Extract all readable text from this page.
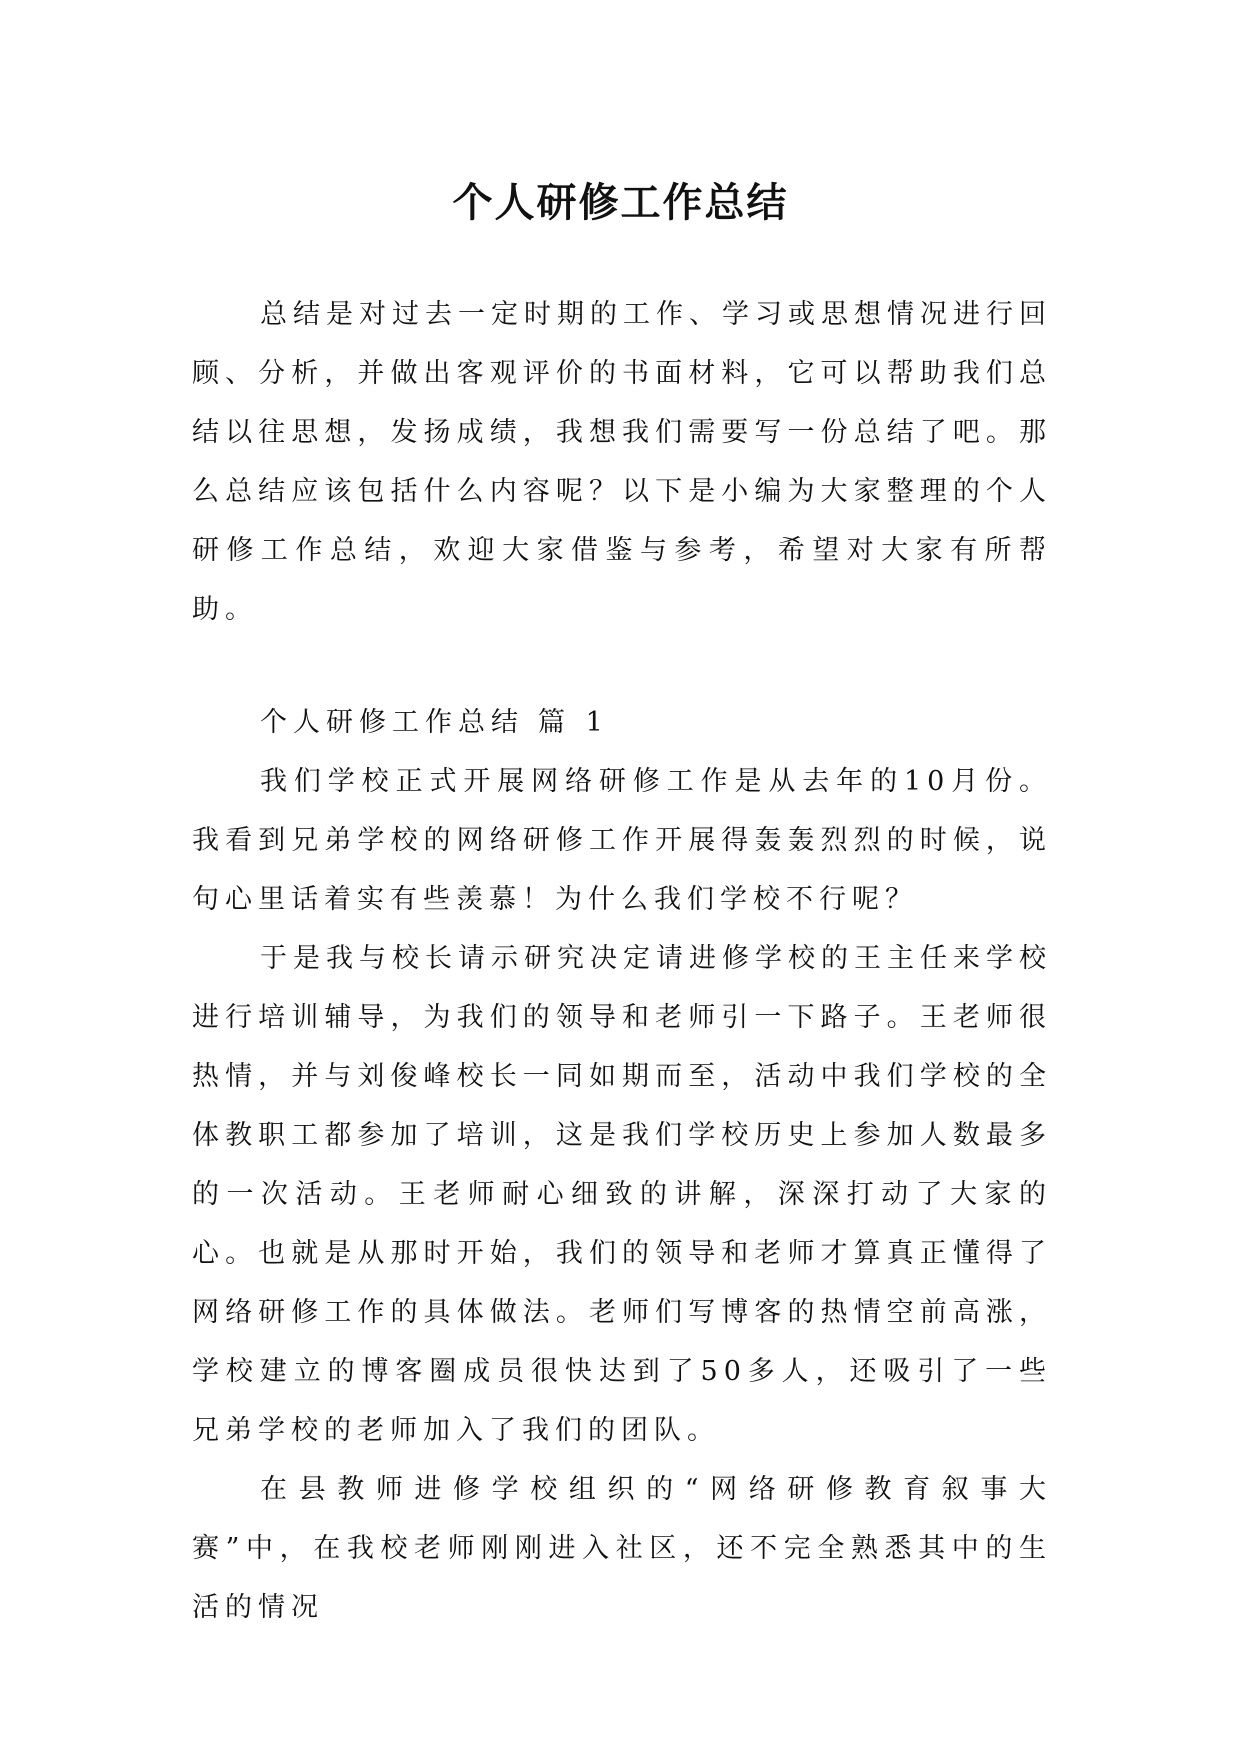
个人研修工作总结

总结是对过去一定时期的工作、学习或思想情况进行回顾、分析，并做出客观评价的书面材料，它可以帮助我们总结以往思想，发扬成绩，我想我们需要写一份总结了吧。那么总结应该包括什么内容呢？以下是小编为大家整理的个人研修工作总结，欢迎大家借鉴与参考，希望对大家有所帮助。

个人研修工作总结 篇 1

我们学校正式开展网络研修工作是从去年的10月份。我看到兄弟学校的网络研修工作开展得轰轰烈烈的时候，说句心里话着实有些羡慕！为什么我们学校不行呢？

于是我与校长请示研究决定请进修学校的王主任来学校进行培训辅导，为我们的领导和老师引一下路子。王老师很热情，并与刘俊峰校长一同如期而至，活动中我们学校的全体教职工都参加了培训，这是我们学校历史上参加人数最多的一次活动。王老师耐心细致的讲解，深深打动了大家的心。也就是从那时开始，我们的领导和老师才算真正懂得了网络研修工作的具体做法。老师们写博客的热情空前高涨，学校建立的博客圈成员很快达到了50多人，还吸引了一些兄弟学校的老师加入了我们的团队。

在县教师进修学校组织的“网络研修教育叙事大赛”中，在我校老师刚刚进入社区，还不完全熟悉其中的生活的情况
